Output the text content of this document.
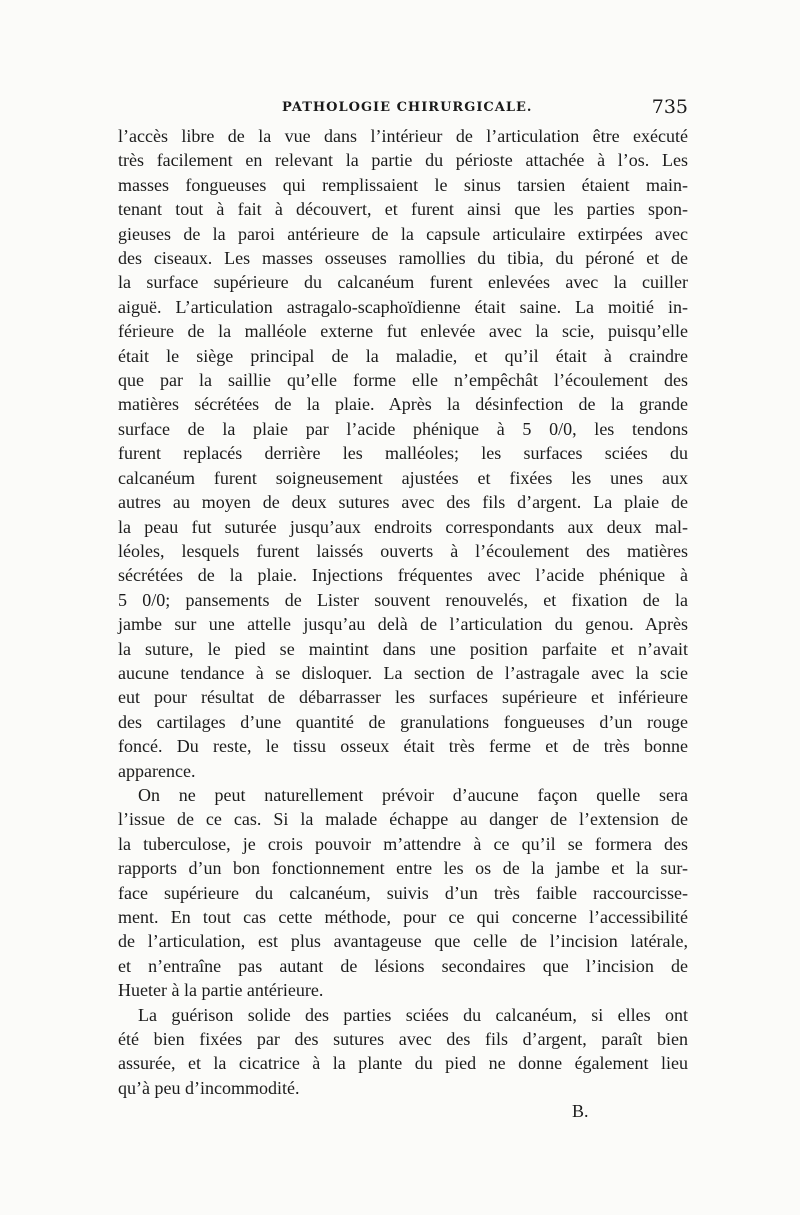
PATHOLOGIE CHIRURGICALE.	735

l’accès libre de la vue dans l’intérieur de l’articulation être exécuté
très facilement en relevant la partie du périoste attachée à l’os. Les
masses fongueuses qui remplissaient le sinus tarsien étaient main-
tenant tout à fait à découvert, et furent ainsi que les parties spon-
gieuses de la paroi antérieure de la capsule articulaire extirpées avec
des ciseaux. Les masses osseuses ramollies du tibia, du péroné et de
la surface supérieure du calcanéum furent enlevées avec la cuiller
aiguë. L’articulation astragalo-scaphoïdienne était saine. La moitié in-
férieure de la malléole externe fut enlevée avec la scie, puisqu’elle
était le siège principal de la maladie, et qu’il était à craindre
que par la saillie qu’elle forme elle n’empêchât l’écoulement des
matières sécrétées de la plaie. Après la désinfection de la grande
surface de la plaie par l’acide phénique à 5 0/0, les tendons
furent replacés derrière les malléoles; les surfaces sciées du
calcanéum furent soigneusement ajustées et fixées les unes aux
autres au moyen de deux sutures avec des fils d’argent. La plaie de
la peau fut suturée jusqu’aux endroits correspondants aux deux mal-
léoles, lesquels furent laissés ouverts à l’écoulement des matières
sécrétées de la plaie. Injections fréquentes avec l’acide phénique à
5 0/0; pansements de Lister souvent renouvelés, et fixation de la
jambe sur une attelle jusqu’au delà de l’articulation du genou. Après
la suture, le pied se maintint dans une position parfaite et n’avait
aucune tendance à se disloquer. La section de l’astragale avec la scie
eut pour résultat de débarrasser les surfaces supérieure et inférieure
des cartilages d’une quantité de granulations fongueuses d’un rouge
foncé. Du reste, le tissu osseux était très ferme et de très bonne
apparence.

On ne peut naturellement prévoir d’aucune façon quelle sera
l’issue de ce cas. Si la malade échappe au danger de l’extension de
la tuberculose, je crois pouvoir m’attendre à ce qu’il se formera des
rapports d’un bon fonctionnement entre les os de la jambe et la sur-
face supérieure du calcanéum, suivis d’un très faible raccourcisse-
ment. En tout cas cette méthode, pour ce qui concerne l’accessibilité
de l’articulation, est plus avantageuse que celle de l’incision latérale,
et n’entraîne pas autant de lésions secondaires que l’incision de
Hueter à la partie antérieure.

La guérison solide des parties sciées du calcanéum, si elles ont
été bien fixées par des sutures avec des fils d’argent, paraît bien
assurée, et la cicatrice à la plante du pied ne donne également lieu
qu’à peu d’incommodité.

B.
